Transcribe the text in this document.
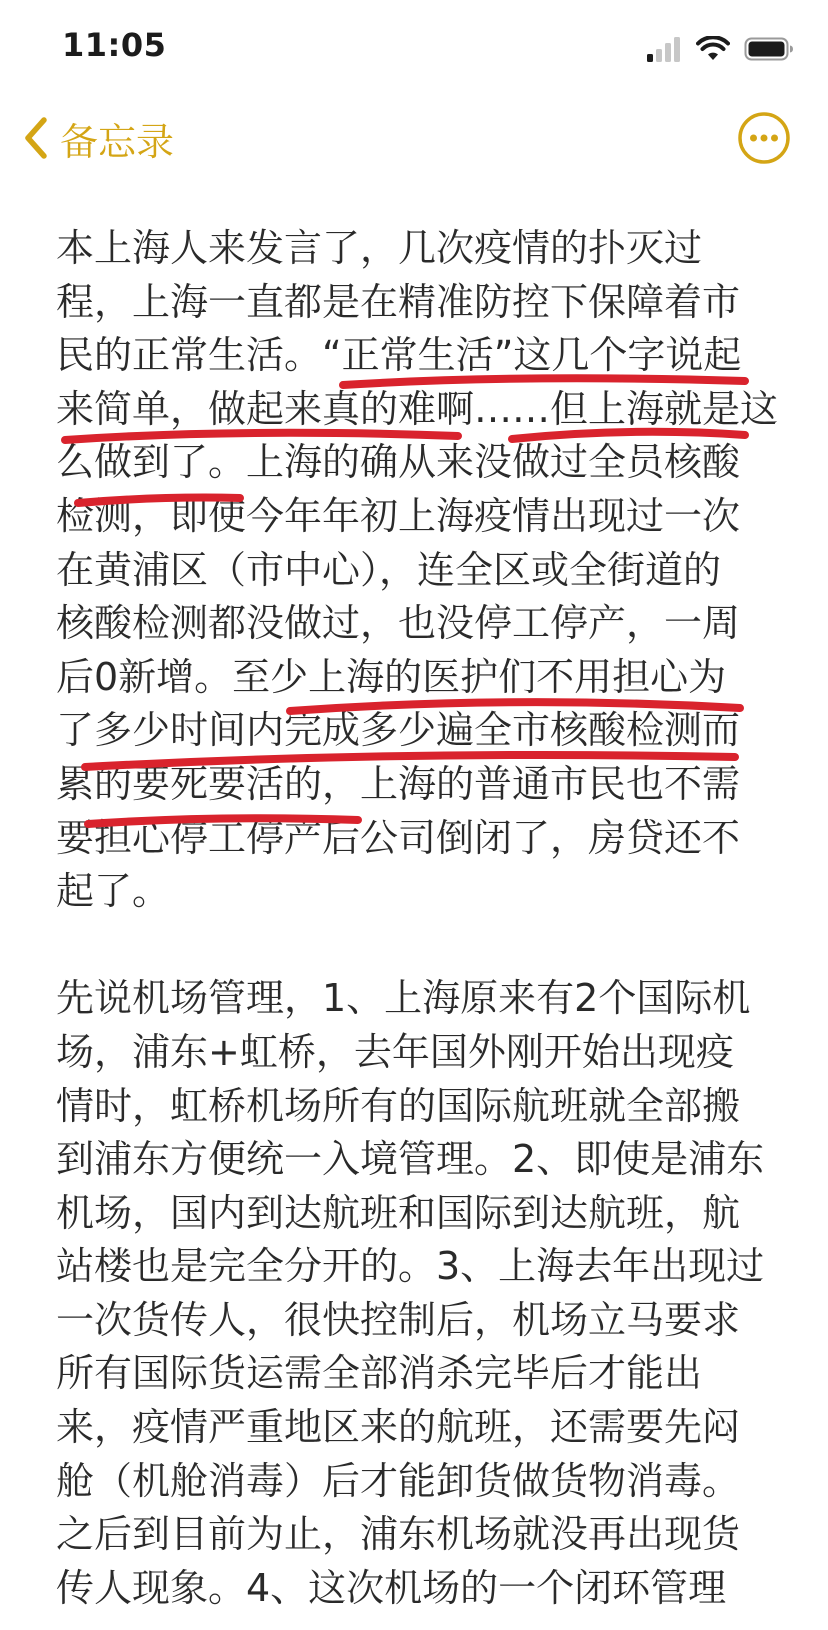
11:05
备忘录

本上海人来发言了，几次疫情的扑灭过
程，上海一直都是在精准防控下保障着市
民的正常生活。“正常生活”这几个字说起
来简单，做起来真的难啊……但上海就是这
么做到了。上海的确从来没做过全员核酸
检测，即使今年年初上海疫情出现过一次
在黄浦区（市中心），连全区或全街道的
核酸检测都没做过，也没停工停产，一周
后0新增。至少上海的医护们不用担心为
了多少时间内完成多少遍全市核酸检测而
累的要死要活的，上海的普通市民也不需
要担心停工停产后公司倒闭了，房贷还不
起了。

先说机场管理，1、上海原来有2个国际机
场，浦东+虹桥，去年国外刚开始出现疫
情时，虹桥机场所有的国际航班就全部搬
到浦东方便统一入境管理。2、即使是浦东
机场，国内到达航班和国际到达航班，航
站楼也是完全分开的。3、上海去年出现过
一次货传人，很快控制后，机场立马要求
所有国际货运需全部消杀完毕后才能出
来，疫情严重地区来的航班，还需要先闷
舱（机舱消毒）后才能卸货做货物消毒。
之后到目前为止，浦东机场就没再出现货
传人现象。4、这次机场的一个闭环管理
